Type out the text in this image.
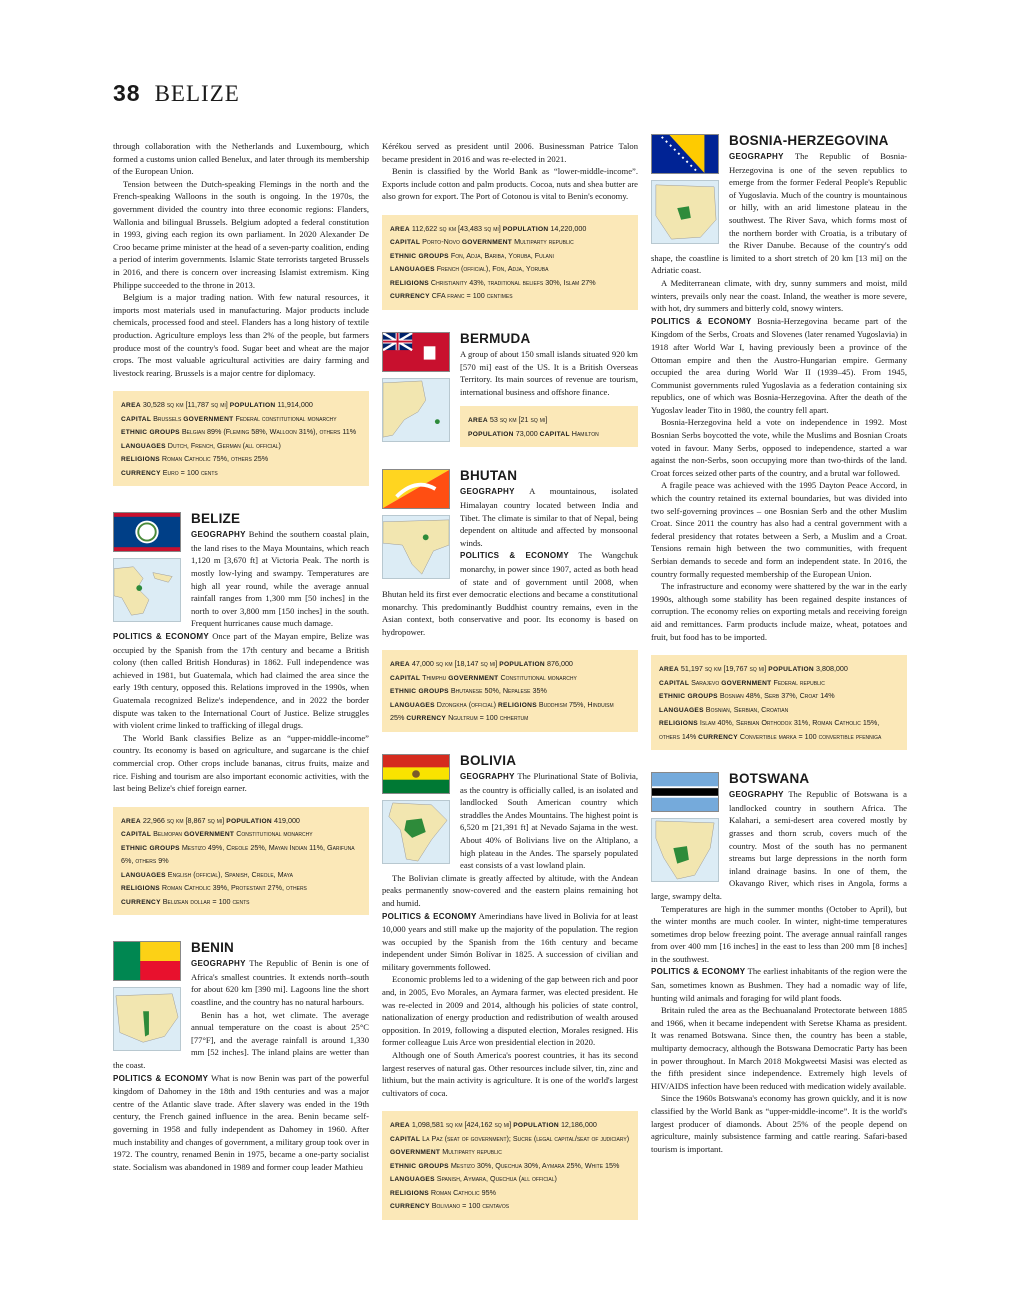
38 BELIZE

through collaboration with the Netherlands and Luxembourg, which formed a customs union called Benelux, and later through its membership of the European Union.

Tension between the Dutch-speaking Flemings in the north and the French-speaking Walloons in the south is ongoing. In the 1970s, the government divided the country into three economic regions: Flanders, Wallonia and bilingual Brussels. Belgium adopted a federal constitution in 1993, giving each region its own parliament. In 2020 Alexander De Croo became prime minister at the head of a seven-party coalition, ending a period of interim governments. Islamic State terrorists targeted Brussels in 2016, and there is concern over increasing Islamist extremism. King Philippe succeeded to the throne in 2013.

Belgium is a major trading nation. With few natural resources, it imports most materials used in manufacturing. Major products include chemicals, processed food and steel. Flanders has a long history of textile production. Agriculture employs less than 2% of the people, but farmers produce most of the country's food. Sugar beet and wheat are the major crops. The most valuable agricultural activities are dairy farming and livestock rearing. Brussels is a major centre for diplomacy.

AREA 30,528 sq km [11,787 sq mi] POPULATION 11,914,000
CAPITAL Brussels GOVERNMENT Federal constitutional monarchy
ETHNIC GROUPS Belgian 89% (Fleming 58%, Walloon 31%), others 11%
LANGUAGES Dutch, French, German (all official)
RELIGIONS Roman Catholic 75%, others 25%
CURRENCY Euro = 100 cents
BELIZE

GEOGRAPHY Behind the southern coastal plain, the land rises to the Maya Mountains, which reach 1,120 m [3,670 ft] at Victoria Peak. The north is mostly low-lying and swampy. Temperatures are high all year round, while the average annual rainfall ranges from 1,300 mm [50 inches] in the north to over 3,800 mm [150 inches] in the south. Frequent hurricanes cause much damage.

POLITICS & ECONOMY Once part of the Mayan empire, Belize was occupied by the Spanish from the 17th century and became a British colony (then called British Honduras) in 1862. Full independence was achieved in 1981, but Guatemala, which had claimed the area since the early 19th century, opposed this. Relations improved in the 1990s, when Guatemala recognized Belize's independence, and in 2022 the border dispute was taken to the International Court of Justice. Belize struggles with violent crime linked to trafficking of illegal drugs.

The World Bank classifies Belize as an “upper-middle-income” country. Its economy is based on agriculture, and sugarcane is the chief commercial crop. Other crops include bananas, citrus fruits, maize and rice. Fishing and tourism are also important economic activities, with the last being Belize's chief foreign earner.

AREA 22,966 sq km [8,867 sq mi] POPULATION 419,000
CAPITAL Belmopan GOVERNMENT Constitutional monarchy
ETHNIC GROUPS Mestizo 49%, Creole 25%, Mayan Indian 11%, Garifuna 6%, others 9%
LANGUAGES English (official), Spanish, Creole, Maya
RELIGIONS Roman Catholic 39%, Protestant 27%, others
CURRENCY Belizean dollar = 100 cents
BENIN

GEOGRAPHY The Republic of Benin is one of Africa's smallest countries. It extends north–south for about 620 km [390 mi]. Lagoons line the short coastline, and the country has no natural harbours.

Benin has a hot, wet climate. The average annual temperature on the coast is about 25°C [77°F], and the average rainfall is around 1,330 mm [52 inches]. The inland plains are wetter than the coast.

POLITICS & ECONOMY What is now Benin was part of the powerful kingdom of Dahomey in the 18th and 19th centuries and was a major centre of the Atlantic slave trade. After slavery was ended in the 19th century, the French gained influence in the area. Benin became self-governing in 1958 and fully independent as Dahomey in 1960. After much instability and changes of government, a military group took over in 1972. The country, renamed Benin in 1975, became a one-party socialist state. Socialism was abandoned in 1989 and former coup leader Mathieu

Kérékou served as president until 2006. Businessman Patrice Talon became president in 2016 and was re-elected in 2021.

Benin is classified by the World Bank as “lower-middle-income”. Exports include cotton and palm products. Cocoa, nuts and shea butter are also grown for export. The Port of Cotonou is vital to Benin's economy.

AREA 112,622 sq km [43,483 sq mi] POPULATION 14,220,000
CAPITAL Porto-Novo GOVERNMENT Multiparty republic
ETHNIC GROUPS Fon, Adja, Bariba, Yoruba, Fulani
LANGUAGES French (official), Fon, Adja, Yoruba
RELIGIONS Christianity 43%, traditional beliefs 30%, Islam 27%
CURRENCY CFA franc = 100 centimes
BERMUDA

A group of about 150 small islands situated 920 km [570 mi] east of the US. It is a British Overseas Territory. Its main sources of revenue are tourism, international business and offshore finance.

AREA 53 sq km [21 sq mi]
POPULATION 73,000 CAPITAL Hamilton
BHUTAN

GEOGRAPHY A mountainous, isolated Himalayan country located between India and Tibet. The climate is similar to that of Nepal, being dependent on altitude and affected by monsoonal winds.

POLITICS & ECONOMY The Wangchuk monarchy, in power since 1907, acted as both head of state and of government until 2008, when Bhutan held its first ever democratic elections and became a constitutional monarchy. This predominantly Buddhist country remains, even in the Asian context, both conservative and poor. Its economy is based on hydropower.

AREA 47,000 sq km [18,147 sq mi] POPULATION 876,000
CAPITAL Thimphu GOVERNMENT Constitutional monarchy
ETHNIC GROUPS Bhutanese 50%, Nepalese 35%
LANGUAGES Dzongkha (official) RELIGIONS Buddhism 75%, Hinduism 25% CURRENCY Ngultrum = 100 chhertum
BOLIVIA

GEOGRAPHY The Plurinational State of Bolivia, as the country is officially called, is an isolated and landlocked South American country which straddles the Andes Mountains. The highest point is 6,520 m [21,391 ft] at Nevado Sajama in the west. About 40% of Bolivians live on the Altiplano, a high plateau in the Andes. The sparsely populated east consists of a vast lowland plain.

The Bolivian climate is greatly affected by altitude, with the Andean peaks permanently snow-covered and the eastern plains remaining hot and humid.

POLITICS & ECONOMY Amerindians have lived in Bolivia for at least 10,000 years and still make up the majority of the population. The region was occupied by the Spanish from the 16th century and became independent under Simón Bolívar in 1825. A succession of civilian and military governments followed.

Economic problems led to a widening of the gap between rich and poor and, in 2005, Evo Morales, an Aymara farmer, was elected president. He was re-elected in 2009 and 2014, although his policies of state control, nationalization of energy production and redistribution of wealth aroused opposition. In 2019, following a disputed election, Morales resigned. His former colleague Luis Arce won presidential election in 2020.

Although one of South America's poorest countries, it has its second largest reserves of natural gas. Other resources include silver, tin, zinc and lithium, but the main activity is agriculture. It is one of the world's largest cultivators of coca.

AREA 1,098,581 sq km [424,162 sq mi] POPULATION 12,186,000
CAPITAL La Paz (seat of government); Sucre (legal capital/seat of judiciary) GOVERNMENT Multiparty republic
ETHNIC GROUPS Mestizo 30%, Quechua 30%, Aymara 25%, White 15% LANGUAGES Spanish, Aymara, Quechua (all official)
RELIGIONS Roman Catholic 95%
CURRENCY Boliviano = 100 centavos
BOSNIA-HERZEGOVINA

GEOGRAPHY The Republic of Bosnia-Herzegovina is one of the seven republics to emerge from the former Federal People's Republic of Yugoslavia. Much of the country is mountainous or hilly, with an arid limestone plateau in the southwest. The River Sava, which forms most of the northern border with Croatia, is a tributary of the River Danube. Because of the country's odd shape, the coastline is limited to a short stretch of 20 km [13 mi] on the Adriatic coast.

A Mediterranean climate, with dry, sunny summers and moist, mild winters, prevails only near the coast. Inland, the weather is more severe, with hot, dry summers and bitterly cold, snowy winters.

POLITICS & ECONOMY Bosnia-Herzegovina became part of the Kingdom of the Serbs, Croats and Slovenes (later renamed Yugoslavia) in 1918 after World War I, having previously been a province of the Ottoman empire and then the Austro-Hungarian empire. Germany occupied the area during World War II (1939–45). From 1945, Communist governments ruled Yugoslavia as a federation containing six republics, one of which was Bosnia-Herzegovina. After the death of the Yugoslav leader Tito in 1980, the country fell apart.

Bosnia-Herzegovina held a vote on independence in 1992. Most Bosnian Serbs boycotted the vote, while the Muslims and Bosnian Croats voted in favour. Many Serbs, opposed to independence, started a war against the non-Serbs, soon occupying more than two-thirds of the land. Croat forces seized other parts of the country, and a brutal war followed.

A fragile peace was achieved with the 1995 Dayton Peace Accord, in which the country retained its external boundaries, but was divided into two self-governing provinces – one Bosnian Serb and the other Muslim Croat. Since 2011 the country has also had a central government with a federal presidency that rotates between a Serb, a Muslim and a Croat. Tensions remain high between the two communities, with frequent Serbian demands to secede and form an independent state. In 2016, the country formally requested membership of the European Union.

The infrastructure and economy were shattered by the war in the early 1990s, although some stability has been regained despite instances of corruption. The economy relies on exporting metals and receiving foreign aid and remittances. Farm products include maize, wheat, potatoes and fruit, but food has to be imported.

AREA 51,197 sq km [19,767 sq mi] POPULATION 3,808,000
CAPITAL Sarajevo GOVERNMENT Federal republic
ETHNIC GROUPS Bosnian 48%, Serb 37%, Croat 14%
LANGUAGES Bosnian, Serbian, Croatian
RELIGIONS Islam 40%, Serbian Orthodox 31%, Roman Catholic 15%, others 14% CURRENCY Convertible marka = 100 convertible pfenniga
BOTSWANA

GEOGRAPHY The Republic of Botswana is a landlocked country in southern Africa. The Kalahari, a semi-desert area covered mostly by grasses and thorn scrub, covers much of the country. Most of the south has no permanent streams but large depressions in the north form inland drainage basins. In one of them, the Okavango River, which rises in Angola, forms a large, swampy delta.

Temperatures are high in the summer months (October to April), but the winter months are much cooler. In winter, night-time temperatures sometimes drop below freezing point. The average annual rainfall ranges from over 400 mm [16 inches] in the east to less than 200 mm [8 inches] in the southwest.

POLITICS & ECONOMY The earliest inhabitants of the region were the San, sometimes known as Bushmen. They had a nomadic way of life, hunting wild animals and foraging for wild plant foods.

Britain ruled the area as the Bechuanaland Protectorate between 1885 and 1966, when it became independent with Seretse Khama as president. It was renamed Botswana. Since then, the country has been a stable, multiparty democracy, although the Botswana Democratic Party has been in power throughout. In March 2018 Mokgweetsi Masisi was elected as the fifth president since independence. Extremely high levels of HIV/AIDS infection have been reduced with medication widely available.

Since the 1960s Botswana's economy has grown quickly, and it is now classified by the World Bank as “upper-middle-income”. It is the world's largest producer of diamonds. About 25% of the people depend on agriculture, mainly subsistence farming and cattle rearing. Safari-based tourism is important.
